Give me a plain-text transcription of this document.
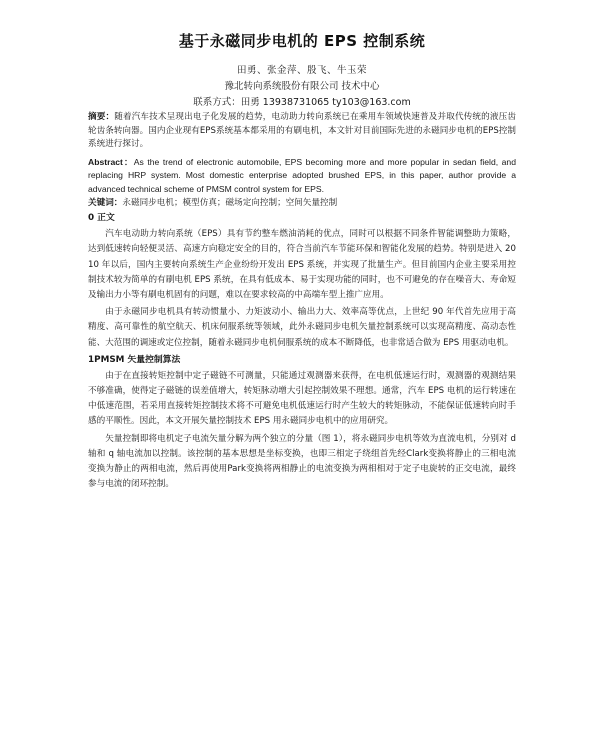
基于永磁同步电机的 EPS 控制系统

田勇、张金萍、殷飞、牛玉荣

豫北转向系统股份有限公司 技术中心

联系方式：田勇 13938731065 ty103@163.com

摘要：随着汽车技术呈现出电子化发展的趋势，电动助力转向系统已在乘用车领域快速普及并取代传统的液压齿轮齿条转向器。国内企业现有EPS系统基本都采用的有刷电机，本文针对目前国际先进的永磁同步电机的EPS控制系统进行探讨。

Abstract：As the trend of electronic automobile, EPS becoming more and more popular in sedan field, and replacing HRP system. Most domestic enterprise adopted brushed EPS, in this paper, author provide a advanced technical scheme of PMSM control system for EPS.

关键词：永磁同步电机；模型仿真；磁场定向控制；空间矢量控制

0 正文

汽车电动助力转向系统（EPS）具有节约整车燃油消耗的优点，同时可以根据不同条件智能调整助力策略，达到低速转向轻便灵活、高速方向稳定安全的目的，符合当前汽车节能环保和智能化发展的趋势。特别是进入 2010 年以后，国内主要转向系统生产企业纷纷开发出 EPS 系统，并实现了批量生产。但目前国内企业主要采用控制技术较为简单的有刷电机 EPS 系统，在具有低成本、易于实现功能的同时，也不可避免的存在噪音大、寿命短及输出力小等有刷电机固有的问题，难以在要求较高的中高端车型上推广应用。

由于永磁同步电机具有转动惯量小、力矩波动小、输出力大、效率高等优点，上世纪 90 年代首先应用于高精度、高可靠性的航空航天、机床伺服系统等领域，此外永磁同步电机矢量控制系统可以实现高精度、高动态性能、大范围的调速或定位控制，随着永磁同步电机伺服系统的成本不断降低，也非常适合做为 EPS 用驱动电机。

1PMSM 矢量控制算法

由于在直接转矩控制中定子磁链不可测量，只能通过观测器来获得，在电机低速运行时，观测器的观测结果不够准确，使得定子磁链的误差值增大，转矩脉动增大引起控制效果不理想。通常，汽车 EPS 电机的运行转速在中低速范围，若采用直接转矩控制技术将不可避免电机低速运行时产生较大的转矩脉动，不能保证低速转向时手感的平顺性。因此，本文开展矢量控制技术 EPS 用永磁同步电机中的应用研究。

矢量控制即将电机定子电流矢量分解为两个独立的分量（图 1），将永磁同步电机等效为直流电机，分别对 d 轴和 q 轴电流加以控制。该控制的基本思想是坐标变换，也即三相定子绕组首先经Clark变换将静止的三相电流变换为静止的两相电流，然后再使用Park变换将两相静止的电流变换为两相相对于定子电旋转的正交电流，最终参与电流的闭环控制。
